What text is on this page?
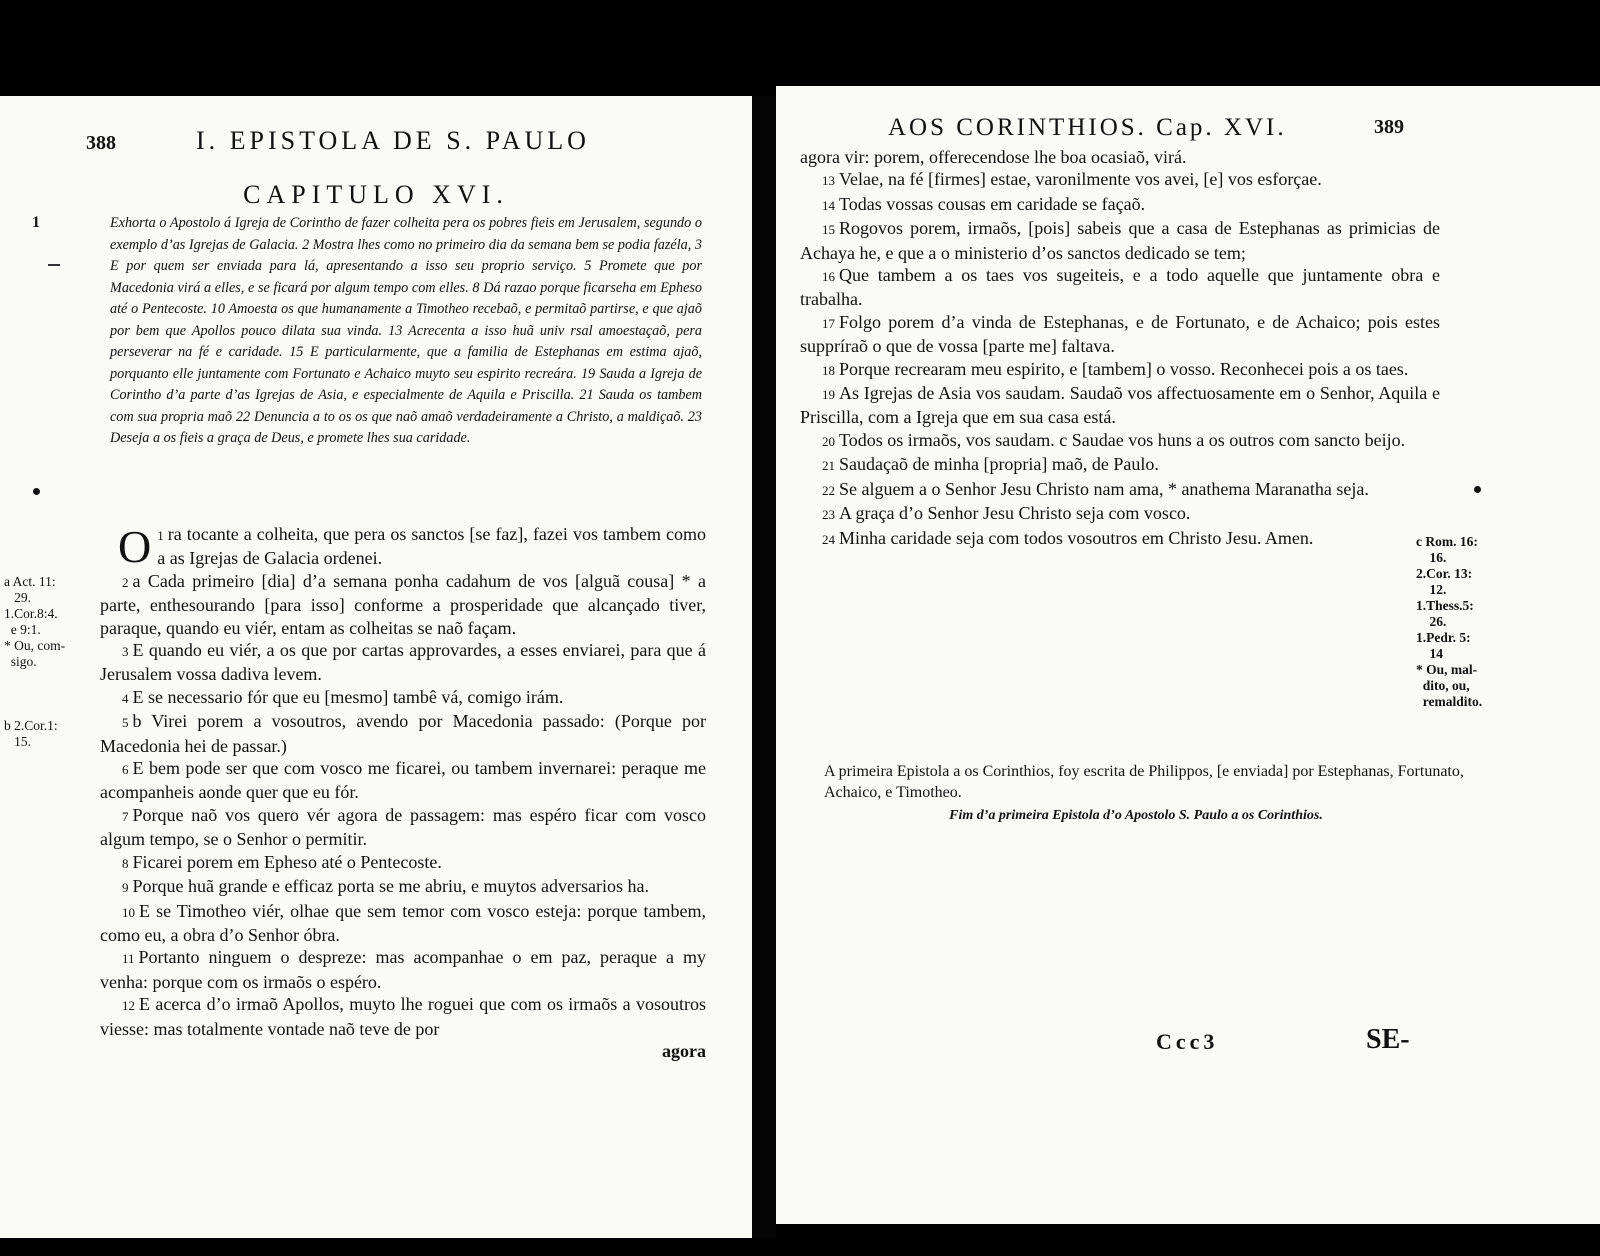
388	I. EPISTOLA DE S. PAULO
CAPITULO XVI.
1	Exhorta o Apostolo á Igreja de Corintho de fazer colheita pera os pobres fieis em Jerusalem, segundo o exemplo d’as Igrejas de Galacia. 2 Mostra lhes como no primeiro dia da semana bem se podia fazéla, 3 E por quem ser enviada para lá, apresentando a isso seu proprio serviço. 5 Promete que por Macedonia virá a elles, e se ficará por algum tempo com elles. 8 Dá razao porque ficarseha em Epheso até o Pentecoste. 10 Amoesta os que humanamente a Timotheo recebaõ, e permitaõ partirse, e que ajaõ por bem que Apollos pouco dilata sua vinda. 13 Acrecenta a isso huã univ rsal amoestaçaõ, pera perseverar na fé e caridade. 15 E particularmente, que a familia de Estephanas em estima ajaõ, porquanto elle juntamente com Fortunato e Achaico muyto seu espirito recreára. 19 Sauda a Igreja de Corintho d’a parte d’as Igrejas de Asia, e especialmente de Aquila e Priscilla. 21 Sauda os tambem com sua propria maõ 22 Denuncia a to os os que naõ amaõ verdadeiramente a Christo, a maldiçaõ. 23 Deseja a os fieis a graça de Deus, e promete lhes sua caridade.
a Act. 11:
29.
1.Cor.8:4.
e 9:1.
* Ou, com-
sigo.

b 2.Cor.1:
15.

1
O ra tocante a colheita, que pera os sanctos [se faz], fazei vos tambem como a as Igrejas de Galacia ordenei.

2 a Cada primeiro [dia] d’a semana ponha cadahum de vos [alguã cousa] * a parte, enthesourando [para isso] conforme a prosperidade que alcançado tiver, paraque, quando eu viér, entam as colheitas se naõ façam.

3 E quando eu viér, a os que por cartas approvardes, a esses enviarei, para que á Jerusalem vossa dadiva levem.

4 E se necessario fór que eu [mesmo] tambê vá, comigo irám.

5 b Virei porem a vosoutros, avendo por Macedonia passado: (Porque por Macedonia hei de passar.)

6 E bem pode ser que com vosco me ficarei, ou tambem invernarei: peraque me acompanheis aonde quer que eu fór.

7 Porque naõ vos quero vér agora de passagem: mas espéro ficar com vosco algum tempo, se o Senhor o permitir.

8 Ficarei porem em Epheso até o Pentecoste.

9 Porque huã grande e efficaz porta se me abriu, e muytos adversarios ha.

10 E se Timotheo viér, olhae que sem temor com vosco esteja: porque tambem, como eu, a obra d’o Senhor óbra.

11 Portanto ninguem o despreze: mas acompanhae o em paz, peraque a my venha: porque com os irmaõs o espéro.

12 E acerca d’o irmaõ Apollos, muyto lhe roguei que com os irmaõs a vosoutros viesse: mas totalmente vontade naõ teve de por

agora

AOS CORINTHIOS. Cap. XVI.	389

agora vir: porem, offerecendose lhe boa ocasiaõ, virá.

13 Velae, na fé [firmes] estae, varonilmente vos avei, [e] vos esforçae.

14 Todas vossas cousas em caridade se façaõ.

15 Rogovos porem, irmaõs, [pois] sabeis que a casa de Estephanas as primicias de Achaya he, e que a o ministerio d’os sanctos dedicado se tem;

16 Que tambem a os taes vos sugeiteis, e a todo aquelle que juntamente obra e trabalha.

17 Folgo porem d’a vinda de Estephanas, e de Fortunato, e de Achaico; pois estes suppríraõ o que de vossa [parte me] faltava.

18 Porque recrearam meu espirito, e [tambem] o vosso. Reconhecei pois a os taes.

19 As Igrejas de Asia vos saudam. Saudaõ vos affectuosamente em o Senhor, Aquila e Priscilla, com a Igreja que em sua casa está.

20 Todos os irmaõs, vos saudam. c Saudae vos huns a os outros com sancto beijo.

21 Saudaçaõ de minha [propria] maõ, de Paulo.

22 Se alguem a o Senhor Jesu Christo nam ama, * anathema Maranatha seja.

23 A graça d’o Senhor Jesu Christo seja com vosco.

24 Minha caridade seja com todos vosoutros em Christo Jesu. Amen.	c Rom. 16:
16.
2.Cor. 13:
12.
1.Thess.5:
26.
1.Pedr. 5:
14
* Ou, mal-
dito, ou,
remaldito.
A primeira Epistola a os Corinthios, foy escrita de Philippos, [e enviada] por Estephanas, Fortunato, Achaico, e Timotheo.
Fim d’a primeira Epistola d’o Apostolo S. Paulo a os Corinthios.
Ccc3	SE-
